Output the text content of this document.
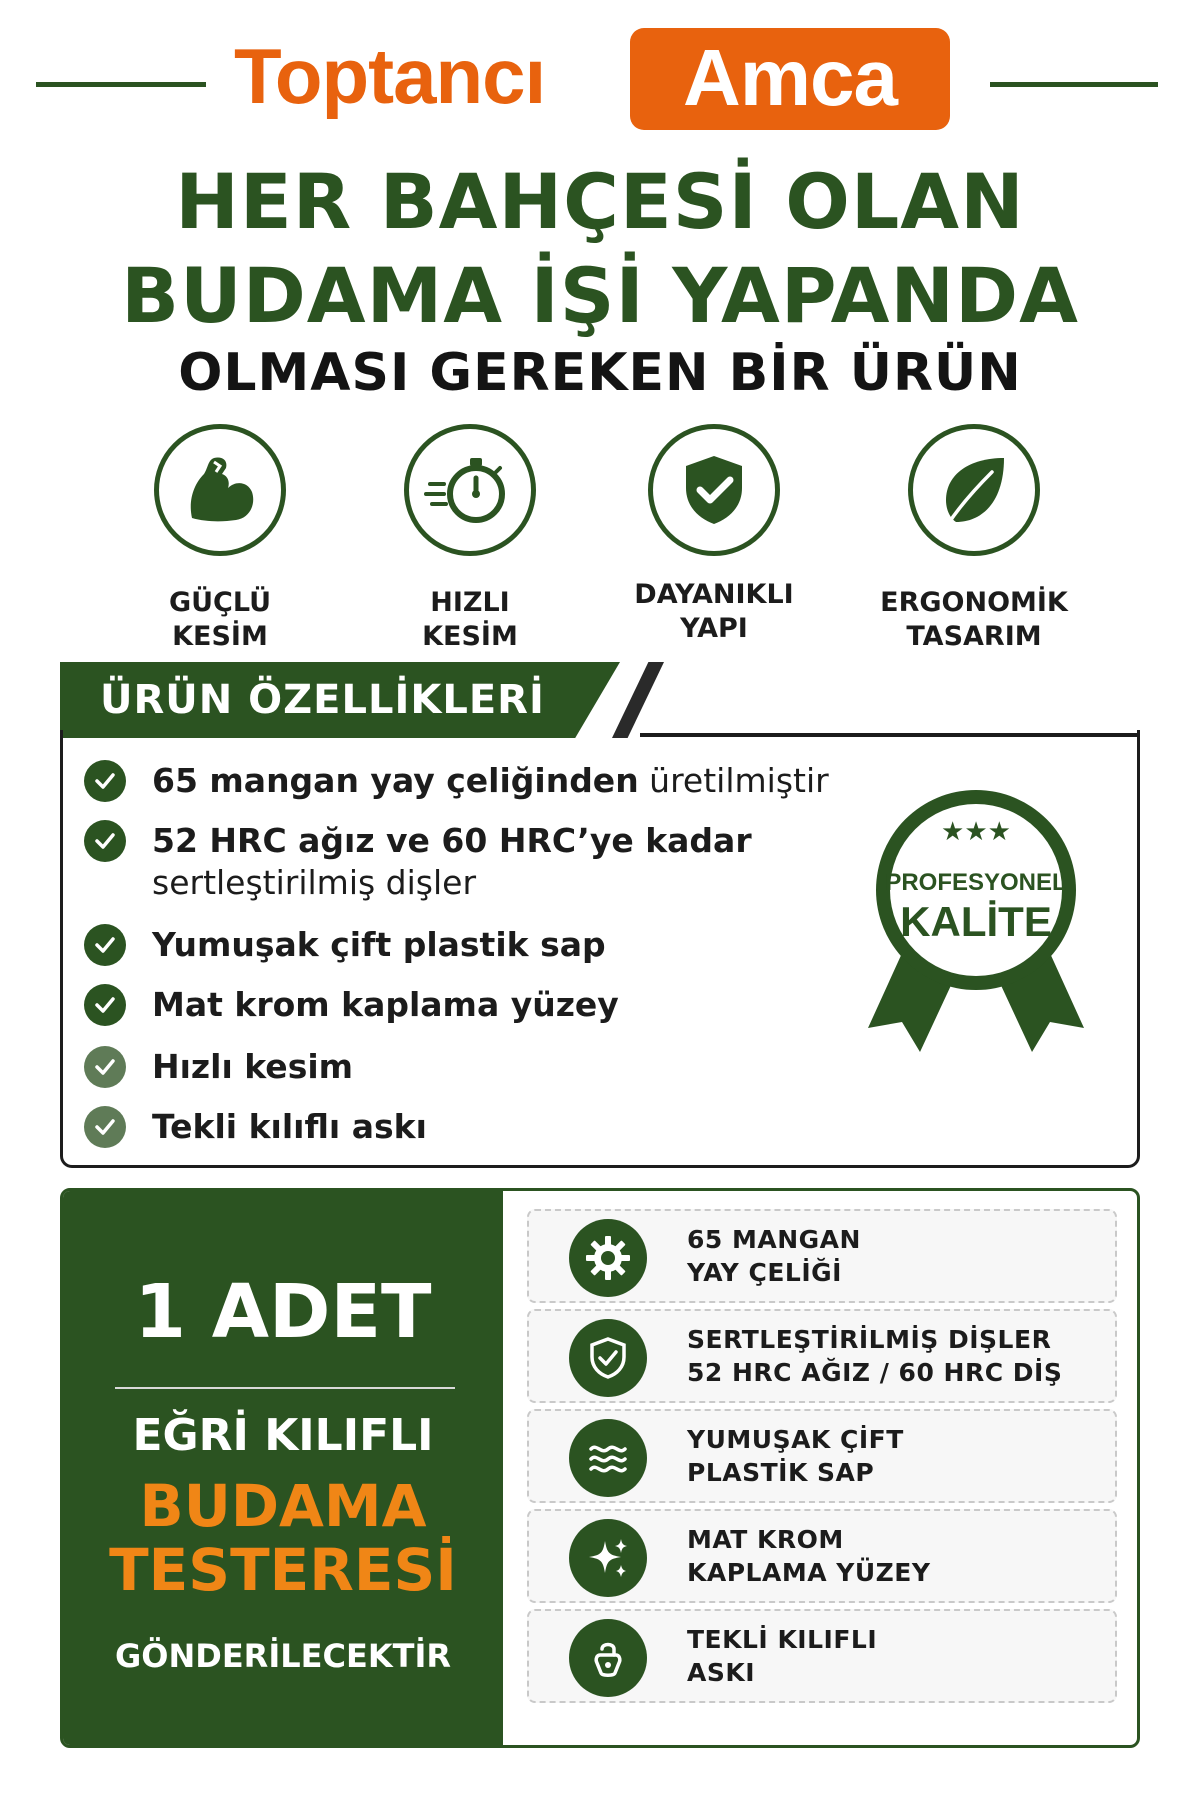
Toptancı	Amca
HER BAHÇESİ OLAN
BUDAMA İŞİ YAPANDA
OLMASI GEREKEN BİR ÜRÜN
GÜÇLÜ
KESİM
HIZLI
KESİM
DAYANIKLI
YAPI
ERGONOMİK
TASARIM
ÜRÜN ÖZELLİKLERİ
65 mangan yay çeliğinden üretilmiştir
52 HRC ağız ve 60 HRC’ye kadar
sertleştirilmiş dişler
Yumuşak çift plastik sap
Mat krom kaplama yüzey
Hızlı kesim
Tekli kılıflı askı
★★★
PROFESYONEL
KALİTE
1 ADET
EĞRİ KILIFLI
BUDAMA
TESTERESİ
GÖNDERİLECEKTİR
65 MANGAN
YAY ÇELİĞİ
SERTLEŞTİRİLMİŞ DİŞLER
52 HRC AĞIZ / 60 HRC DİŞ
YUMUŞAK ÇİFT
PLASTİK SAP
MAT KROM
KAPLAMA YÜZEY
TEKLİ KILIFLI
ASKI
